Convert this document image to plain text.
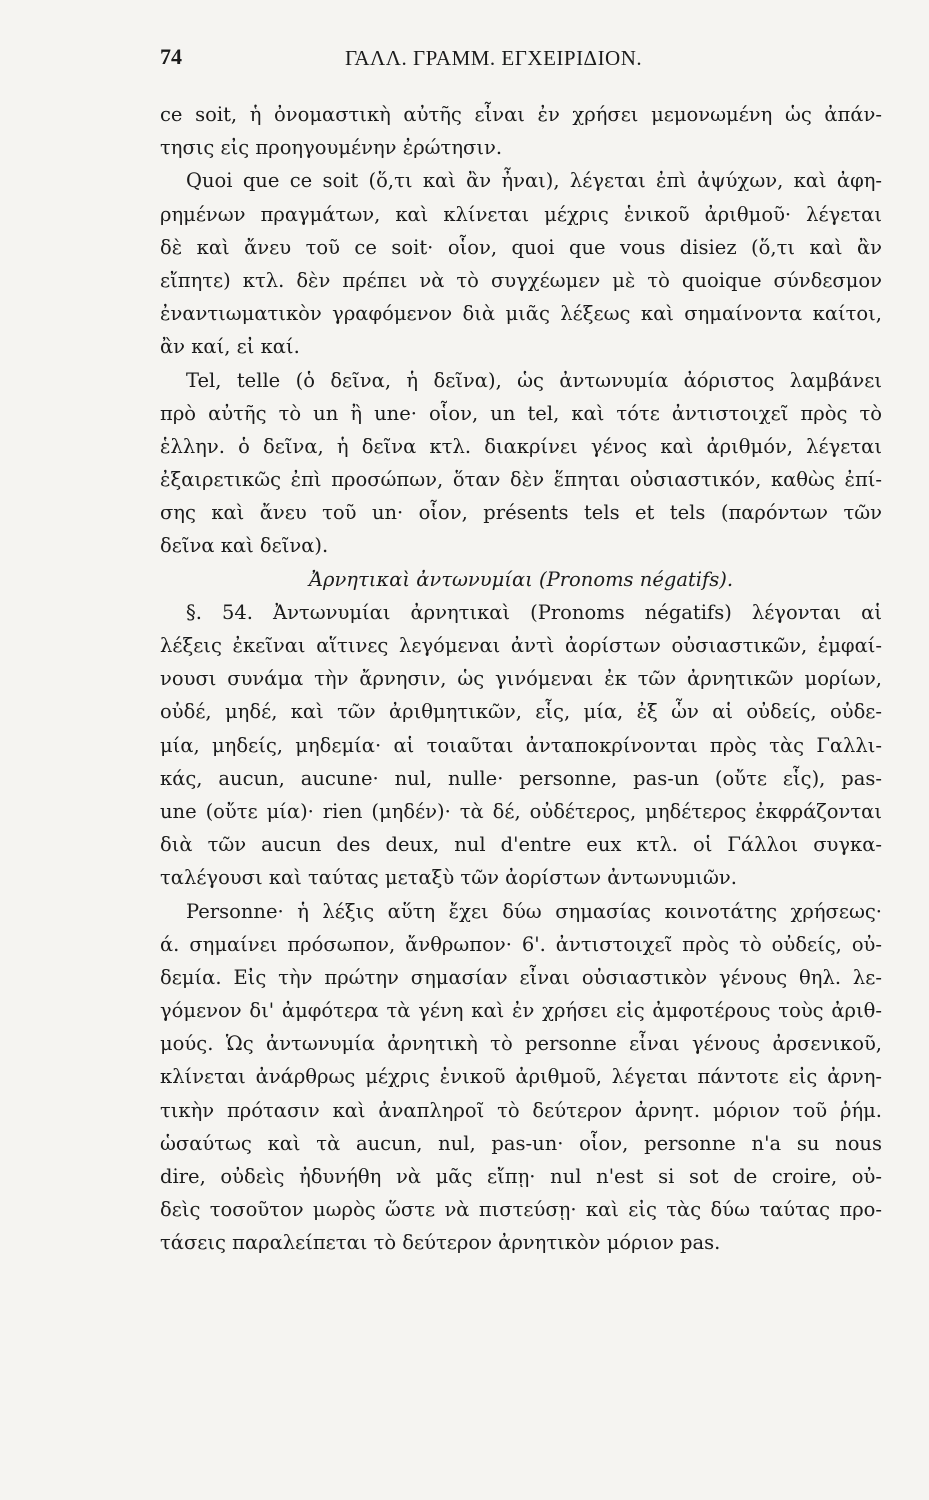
74	ΓΑΛΛ. ΓΡΑΜΜ. ΕΓΧΕΙΡΙΔΙΟΝ.
ce soit, ἡ ὀνομαστικὴ αὐτῆς εἶναι ἐν χρήσει μεμονωμένη ὡς ἀπάν-
τησις εἰς προηγουμένην ἐρώτησιν.
Quoi que ce soit (ὅ,τι καὶ ἂν ἦναι), λέγεται ἐπὶ ἀψύχων, καὶ ἀφη-
ρημένων πραγμάτων, καὶ κλίνεται μέχρις ἑνικοῦ ἀριθμοῦ· λέγεται
δὲ καὶ ἄνευ τοῦ ce soit· οἷον, quoi que vous disiez (ὅ,τι καὶ ἂν
εἴπητε) κτλ. δὲν πρέπει νὰ τὸ συγχέωμεν μὲ τὸ quoique σύνδεσμον
ἐναντιωματικὸν γραφόμενον διὰ μιᾶς λέξεως καὶ σημαίνοντα καίτοι,
ἂν καί, εἰ καί.
Tel, telle (ὁ δεῖνα, ἡ δεῖνα), ὡς ἀντωνυμία ἀόριστος λαμβάνει
πρὸ αὐτῆς τὸ un ἢ une· οἷον, un tel, καὶ τότε ἀντιστοιχεῖ πρὸς τὸ
ἑλλην. ὁ δεῖνα, ἡ δεῖνα κτλ. διακρίνει γένος καὶ ἀριθμόν, λέγεται
ἐξαιρετικῶς ἐπὶ προσώπων, ὅταν δὲν ἕπηται οὐσιαστικόν, καθὼς ἐπί-
σης καὶ ἄνευ τοῦ un· οἷον, présents tels et tels (παρόντων τῶν
δεῖνα καὶ δεῖνα).
Ἀρνητικαὶ ἀντωνυμίαι (Pronoms négatifs).
§. 54. Ἀντωνυμίαι ἀρνητικαὶ (Pronoms négatifs) λέγονται αἱ
λέξεις ἐκεῖναι αἵτινες λεγόμεναι ἀντὶ ἀορίστων οὐσιαστικῶν, ἐμφαί-
νουσι συνάμα τὴν ἄρνησιν, ὡς γινόμεναι ἐκ τῶν ἀρνητικῶν μορίων,
οὐδέ, μηδέ, καὶ τῶν ἀριθμητικῶν, εἷς, μία, ἐξ ὧν αἱ οὐδείς, οὐδε-
μία, μηδείς, μηδεμία· αἱ τοιαῦται ἀνταποκρίνονται πρὸς τὰς Γαλλι-
κάς, aucun, aucune· nul, nulle· personne, pas-un (οὔτε εἷς), pas-
une (οὔτε μία)· rien (μηδέν)· τὰ δέ, οὐδέτερος, μηδέτερος ἐκφράζονται
διὰ τῶν aucun des deux, nul d'entre eux κτλ. οἱ Γάλλοι συγκα-
ταλέγουσι καὶ ταύτας μεταξὺ τῶν ἀορίστων ἀντωνυμιῶν.
Personne· ἡ λέξις αὕτη ἔχει δύω σημασίας κοινοτάτης χρήσεως·
ά. σημαίνει πρόσωπον, ἄνθρωπον· 6'. ἀντιστοιχεῖ πρὸς τὸ οὐδείς, οὐ-
δεμία. Εἰς τὴν πρώτην σημασίαν εἶναι οὐσιαστικὸν γένους θηλ. λε-
γόμενον δι' ἀμφότερα τὰ γένη καὶ ἐν χρήσει εἰς ἀμφοτέρους τοὺς ἀριθ-
μούς. Ὡς ἀντωνυμία ἀρνητικὴ τὸ personne εἶναι γένους ἀρσενικοῦ,
κλίνεται ἀνάρθρως μέχρις ἑνικοῦ ἀριθμοῦ, λέγεται πάντοτε εἰς ἀρνη-
τικὴν πρότασιν καὶ ἀναπληροῖ τὸ δεύτερον ἀρνητ. μόριον τοῦ ῥήμ.
ὡσαύτως καὶ τὰ aucun, nul, pas-un· οἷον, personne n'a su nous
dire, οὐδεὶς ἠδυνήθη νὰ μᾶς εἴπῃ· nul n'est si sot de croire, οὐ-
δεὶς τοσοῦτον μωρὸς ὥστε νὰ πιστεύσῃ· καὶ εἰς τὰς δύω ταύτας προ-
τάσεις παραλείπεται τὸ δεύτερον ἀρνητικὸν μόριον pas.
